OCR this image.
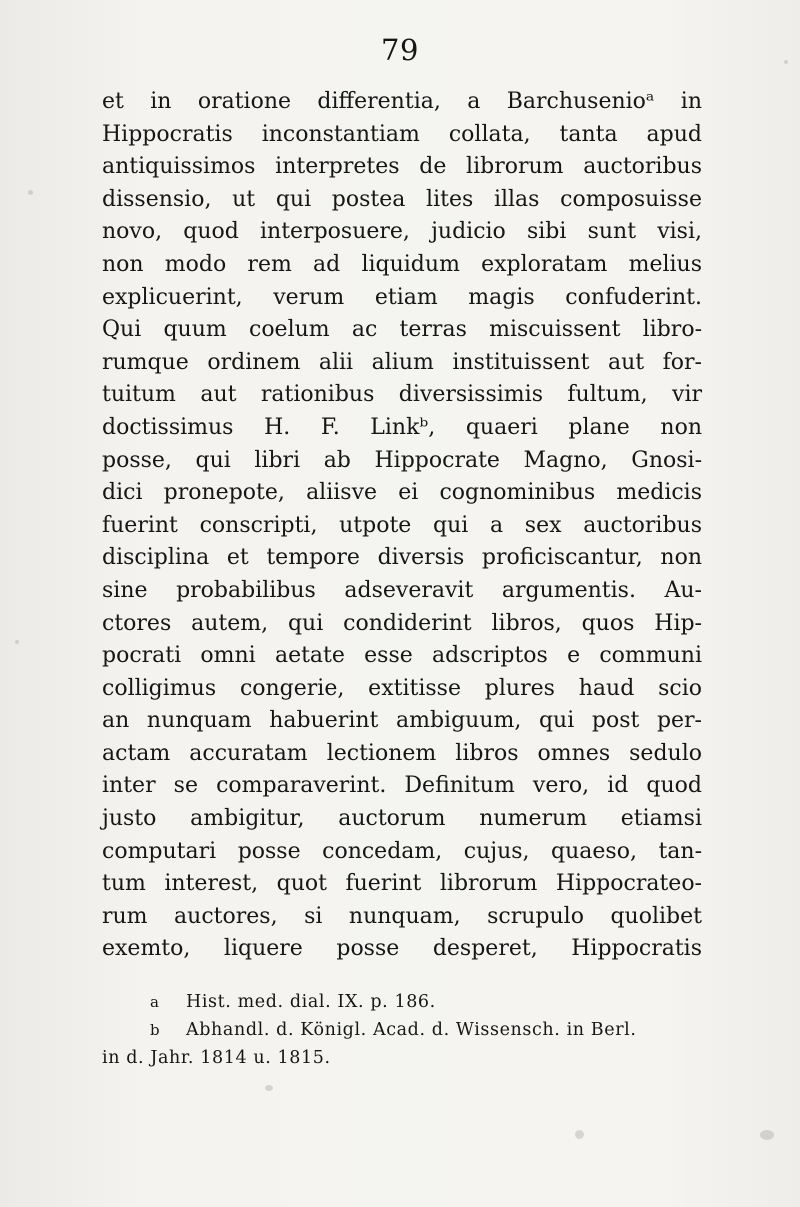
79
et in oratione differentia, a Barchusenioᵃ in
Hippocratis inconstantiam collata, tanta apud
antiquissimos interpretes de librorum auctoribus
dissensio, ut qui postea lites illas composuisse
novo, quod interposuere, judicio sibi sunt visi,
non modo rem ad liquidum exploratam melius
explicuerint, verum etiam magis confuderint.
Qui quum coelum ac terras miscuissent libro-
rumque ordinem alii alium instituissent aut for-
tuitum aut rationibus diversissimis fultum, vir
doctissimus H. F. Linkᵇ, quaeri plane non
posse, qui libri ab Hippocrate Magno, Gnosi-
dici pronepote, aliisve ei cognominibus medicis
fuerint conscripti, utpote qui a sex auctoribus
disciplina et tempore diversis proficiscantur, non
sine probabilibus adseveravit argumentis. Au-
ctores autem, qui condiderint libros, quos Hip-
pocrati omni aetate esse adscriptos e communi
colligimus congerie, extitisse plures haud scio
an nunquam habuerint ambiguum, qui post per-
actam accuratam lectionem libros omnes sedulo
inter se comparaverint. Definitum vero, id quod
justo ambigitur, auctorum numerum etiamsi
computari posse concedam, cujus, quaeso, tan-
tum interest, quot fuerint librorum Hippocrateo-
rum auctores, si nunquam, scrupulo quolibet
exemto, liquere posse desperet, Hippocratis
a Hist. med. dial. IX. p. 186.
b Abhandl. d. Königl. Acad. d. Wissensch. in Berl.
in d. Jahr. 1814 u. 1815.
